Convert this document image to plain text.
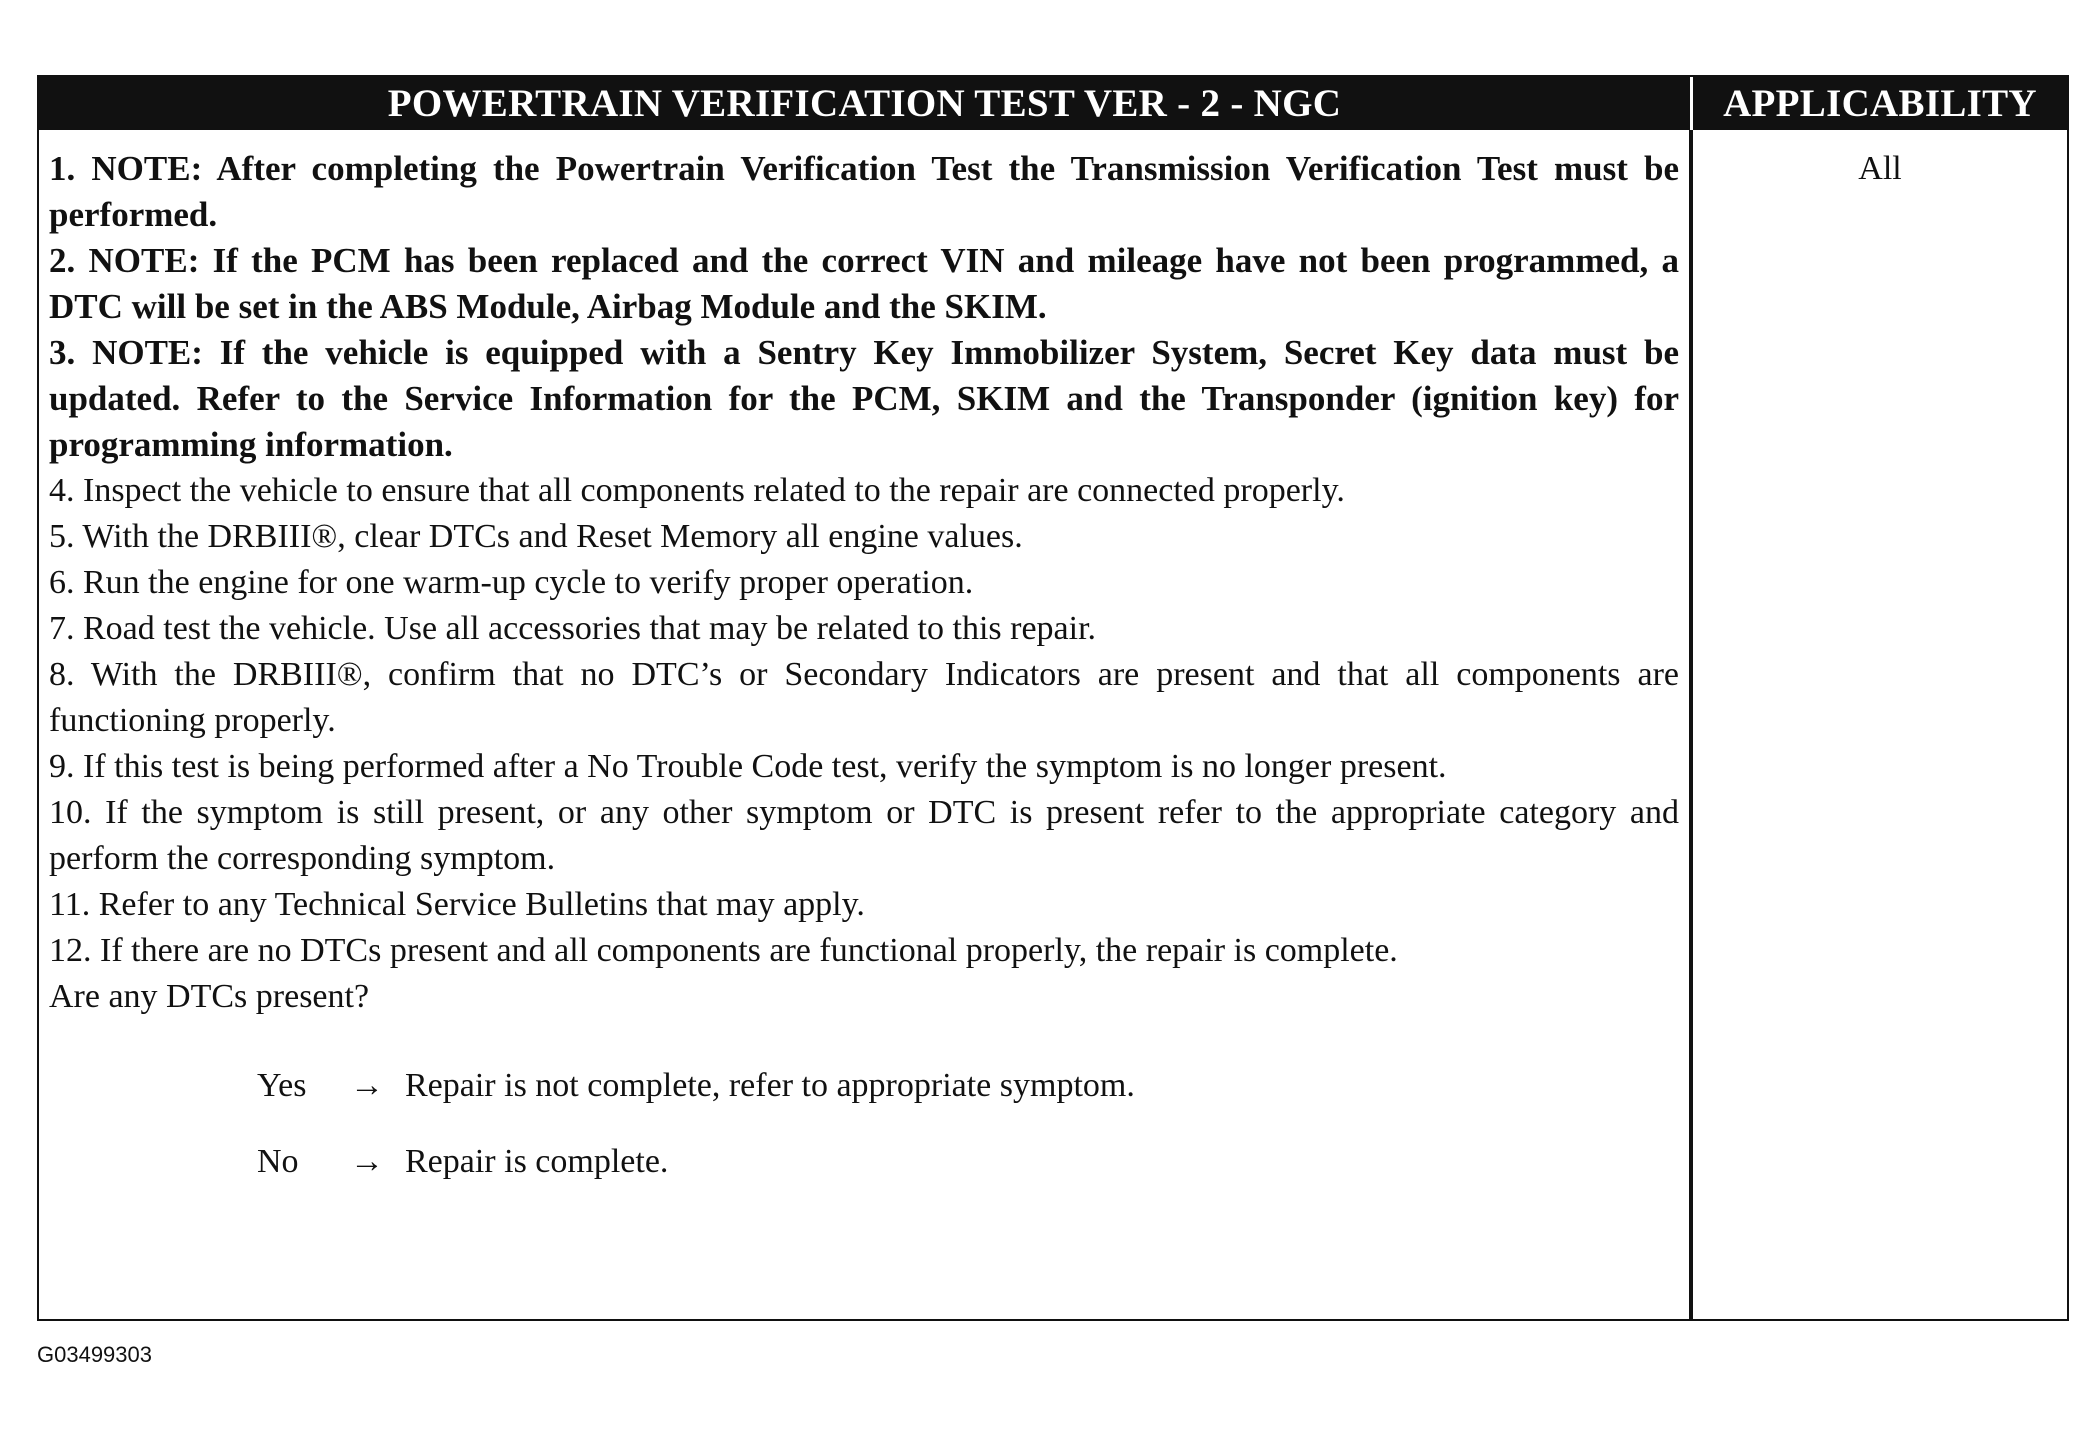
POWERTRAIN VERIFICATION TEST VER - 2 - NGC	APPLICABILITY

1. NOTE: After completing the Powertrain Verification Test the Transmission Verification Test must be performed.

2. NOTE: If the PCM has been replaced and the correct VIN and mileage have not been programmed, a DTC will be set in the ABS Module, Airbag Module and the SKIM.

3. NOTE: If the vehicle is equipped with a Sentry Key Immobilizer System, Secret Key data must be updated. Refer to the Service Information for the PCM, SKIM and the Transponder (ignition key) for programming information.

4. Inspect the vehicle to ensure that all components related to the repair are connected properly.

5. With the DRBIII®, clear DTCs and Reset Memory all engine values.

6. Run the engine for one warm-up cycle to verify proper operation.

7. Road test the vehicle. Use all accessories that may be related to this repair.

8. With the DRBIII®, confirm that no DTC’s or Secondary Indicators are present and that all components are functioning properly.

9. If this test is being performed after a No Trouble Code test, verify the symptom is no longer present.

10. If the symptom is still present, or any other symptom or DTC is present refer to the appropriate category and perform the corresponding symptom.

11. Refer to any Technical Service Bulletins that may apply.

12. If there are no DTCs present and all components are functional properly, the repair is complete.

Are any DTCs present?

Yes	→ Repair is not complete, refer to appropriate symptom.
No	→ Repair is complete.
All
G03499303
